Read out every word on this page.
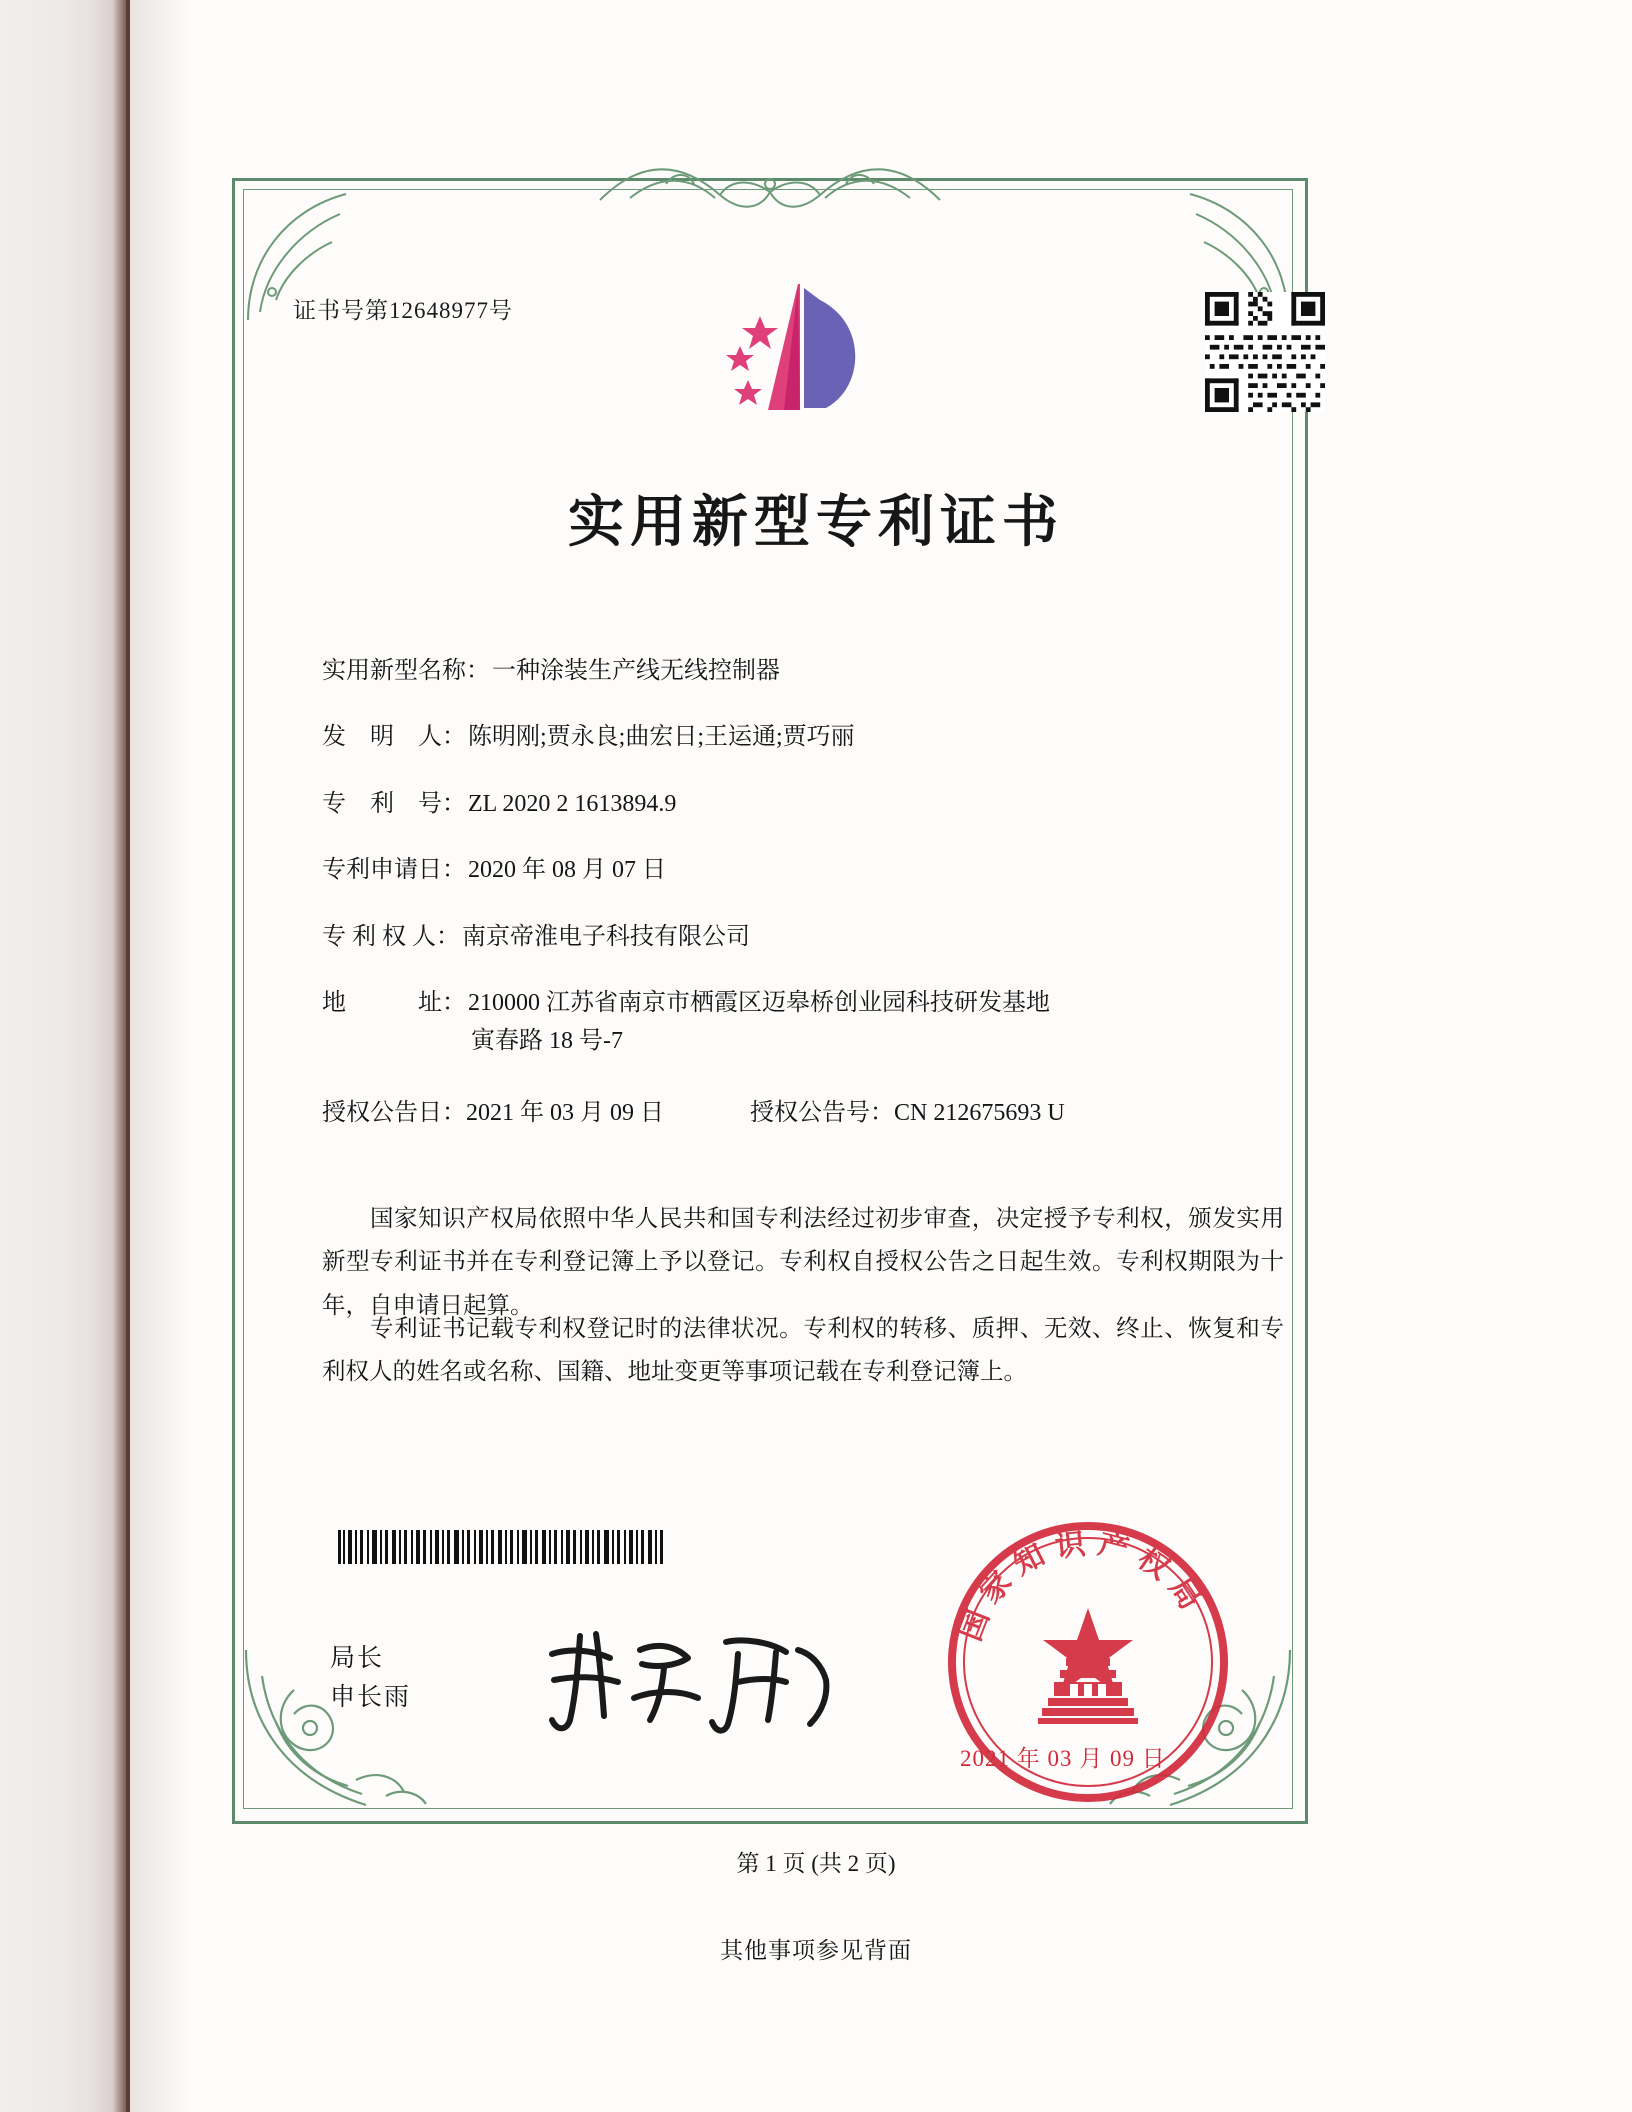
证书号第12648977号
实用新型专利证书
实用新型名称： 一种涂装生产线无线控制器
发　明　人： 陈明刚;贾永良;曲宏日;王运通;贾巧丽
专　利　号： ZL 2020 2 1613894.9
专利申请日： 2020 年 08 月 07 日
专 利 权 人： 南京帝淮电子科技有限公司
地　　　址： 210000 江苏省南京市栖霞区迈皋桥创业园科技研发基地
寅春路 18 号-7
授权公告日：2021 年 03 月 09 日	授权公告号：CN 212675693 U
国家知识产权局依照中华人民共和国专利法经过初步审查，决定授予专利权，颁发实用新型专利证书并在专利登记簿上予以登记。专利权自授权公告之日起生效。专利权期限为十年，自申请日起算。
专利证书记载专利权登记时的法律状况。专利权的转移、质押、无效、终止、恢复和专利权人的姓名或名称、国籍、地址变更等事项记载在专利登记簿上。
局长
申长雨
国家知识产权局
2021 年 03 月 09 日
第 1 页 (共 2 页)
其他事项参见背面
